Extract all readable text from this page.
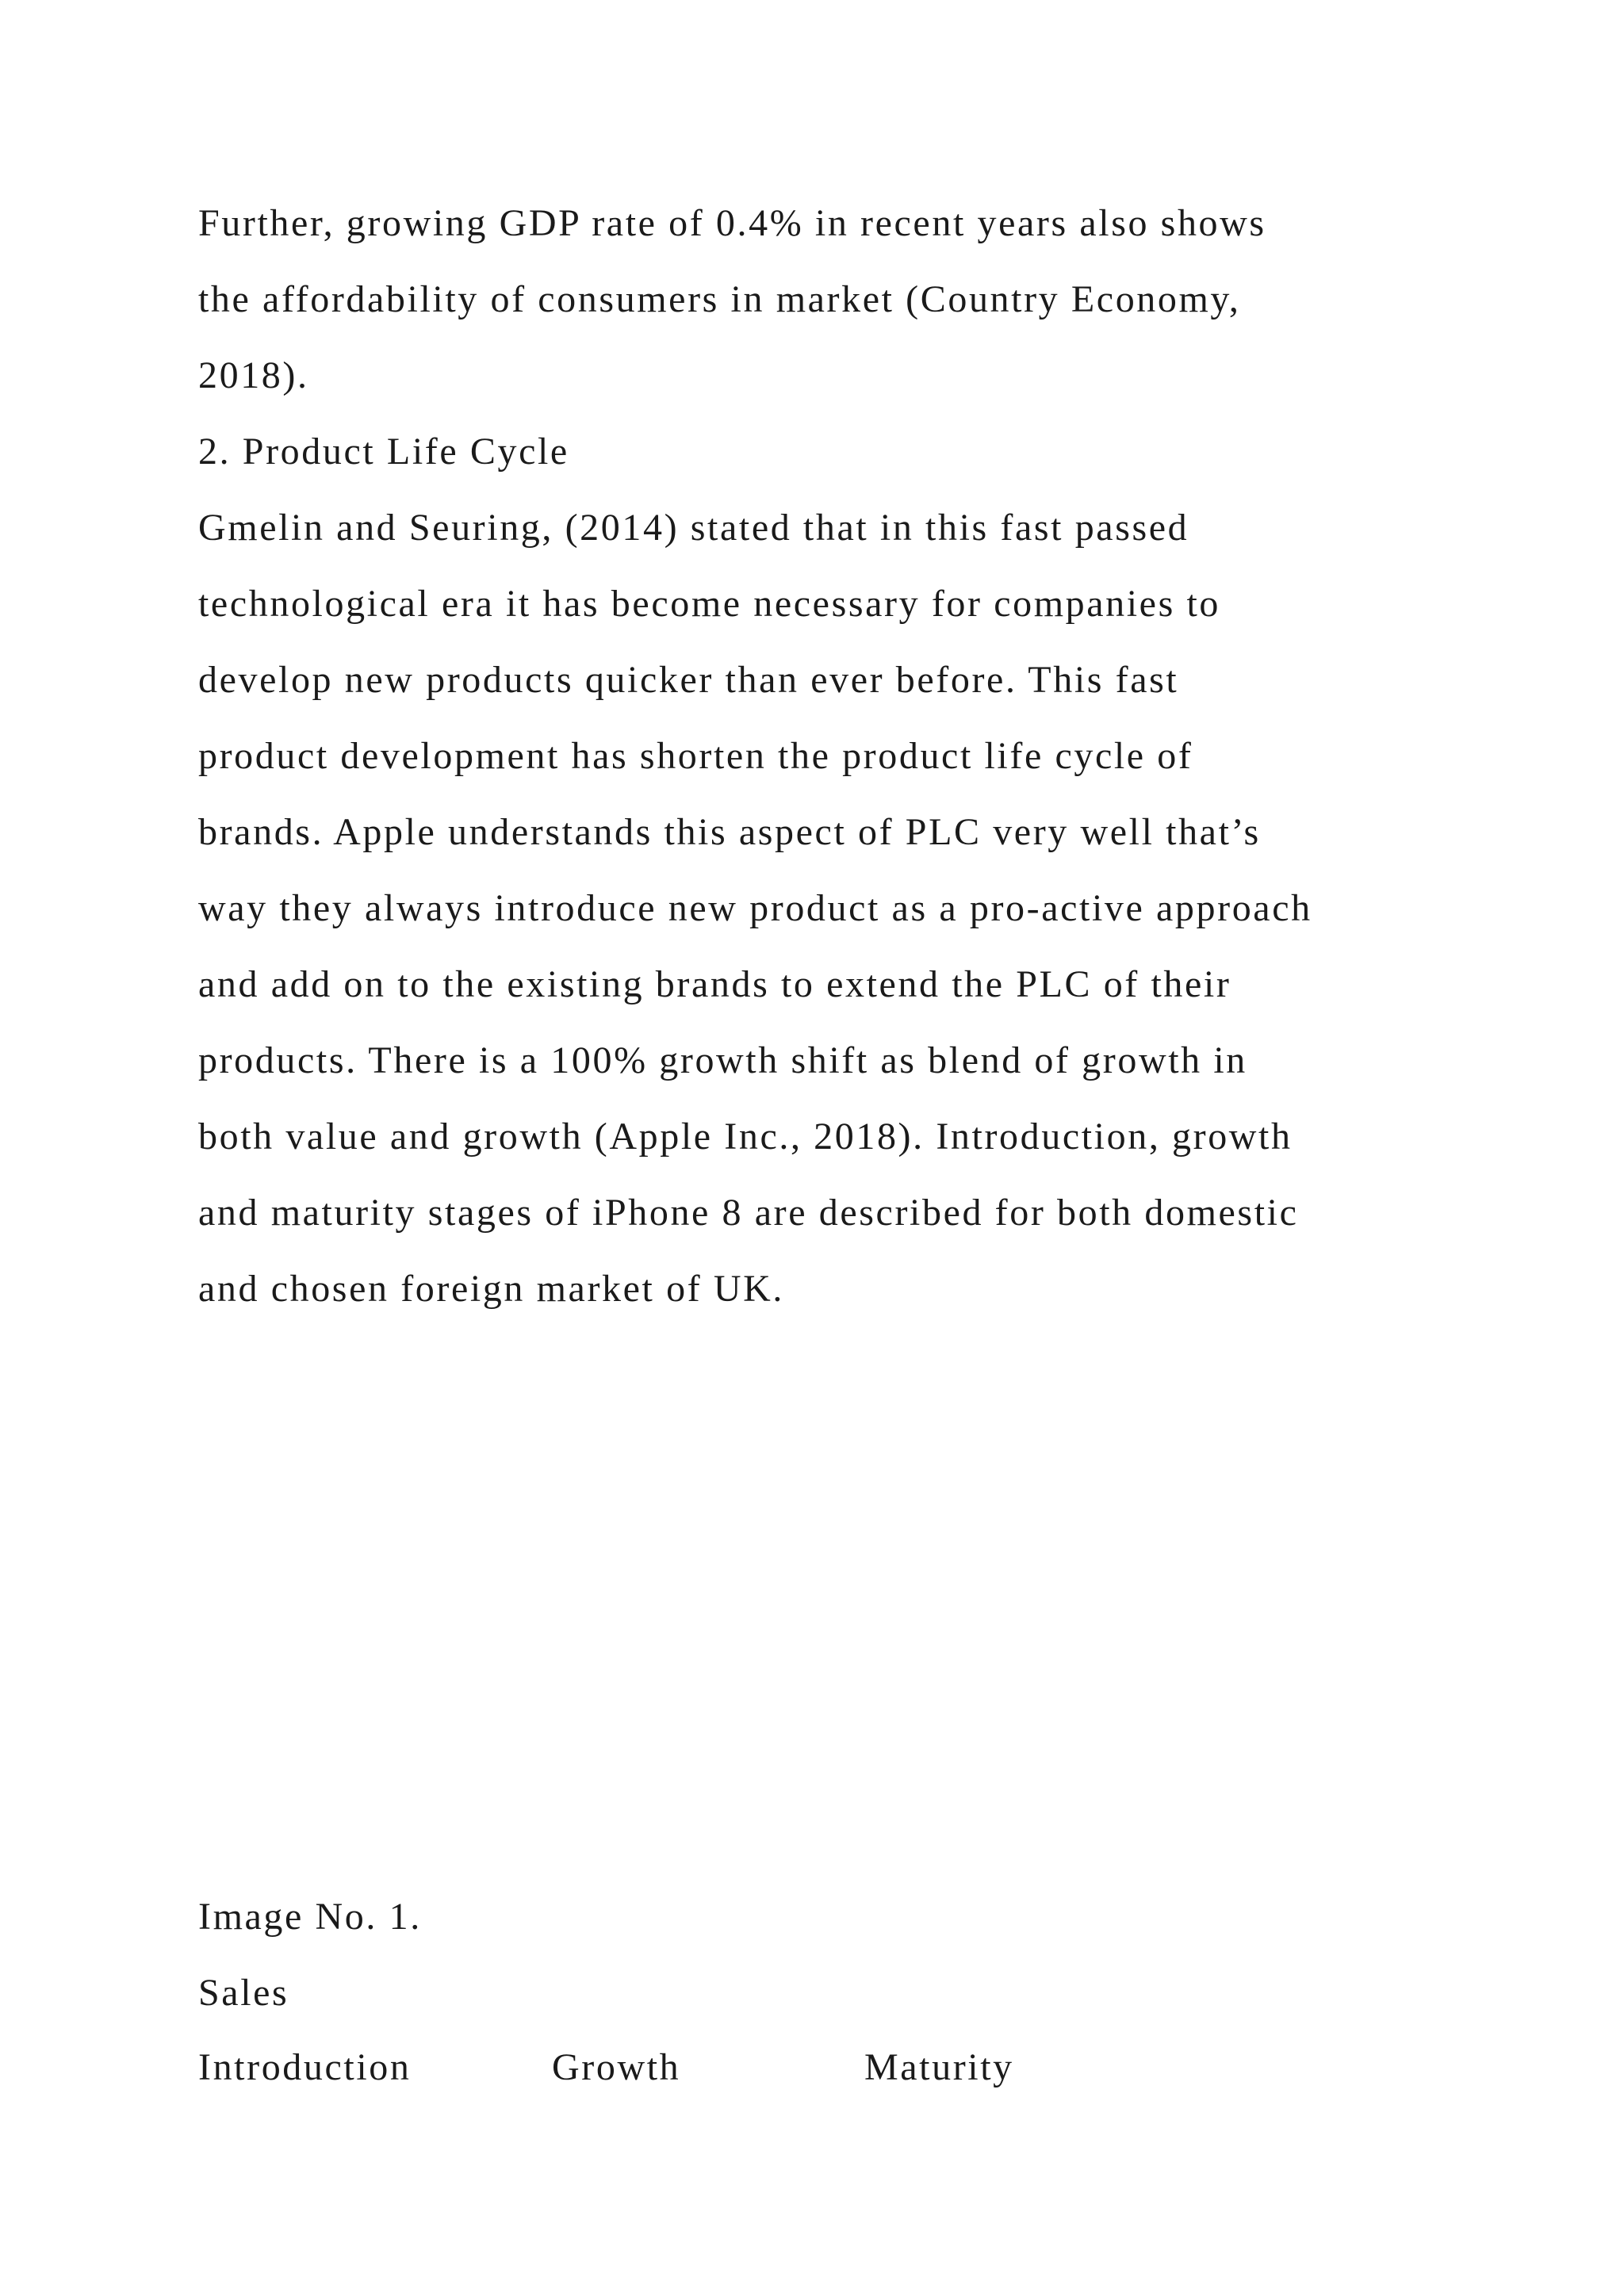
Further, growing GDP rate of 0.4% in recent years also shows

the affordability of consumers in market (Country Economy,

2018).

2. Product Life Cycle

Gmelin and Seuring, (2014) stated that in this fast passed

technological era it has become necessary for companies to

develop new products quicker than ever before. This fast

product development has shorten the product life cycle of

brands. Apple understands this aspect of PLC very well that’s

way they always introduce new product as a pro-active approach

and add on to the existing brands to extend the PLC of their

products. There is a 100% growth shift as blend of growth in

both value and growth (Apple Inc., 2018). Introduction, growth

and maturity stages of iPhone 8 are described for both domestic

and chosen foreign market of UK.

Image No. 1.

Sales

Introduction	Growth	Maturity
